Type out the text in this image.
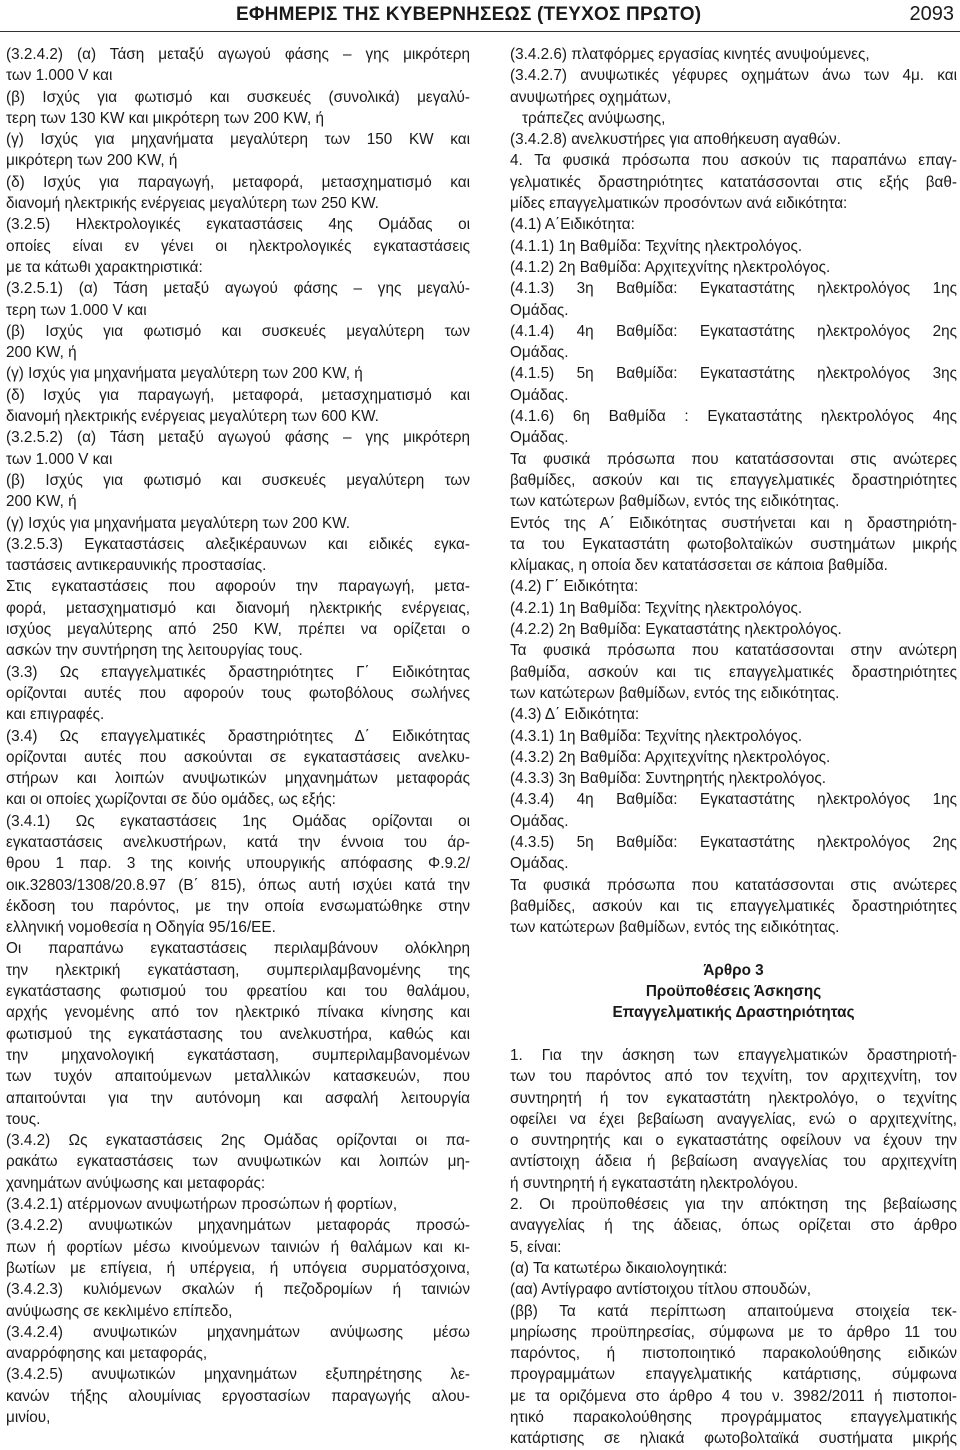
ΕΦΗΜΕΡΙΣ ΤΗΣ ΚΥΒΕΡΝΗΣΕΩΣ (ΤΕΥΧΟΣ ΠΡΩΤΟ)	2093
(3.2.4.2) (α) Τάση μεταξύ αγωγού φάσης – γης μικρότερη
των 1.000 V και
(β) Ισχύς για φωτισμό και συσκευές (συνολικά) μεγαλύ-
τερη των 130 KW και μικρότερη των 200 KW, ή
(γ) Ισχύς για μηχανήματα μεγαλύτερη των 150 KW και
μικρότερη των 200 KW, ή
(δ) Ισχύς για παραγωγή, μεταφορά, μετασχηματισμό και
διανομή ηλεκτρικής ενέργειας μεγαλύτερη των 250 KW.
(3.2.5) Ηλεκτρολογικές εγκαταστάσεις 4ης Ομάδας οι
οποίες είναι εν γένει οι ηλεκτρολογικές εγκαταστάσεις
με τα κάτωθι χαρακτηριστικά:
(3.2.5.1) (α) Τάση μεταξύ αγωγού φάσης – γης μεγαλύ-
τερη των 1.000 V και
(β) Ισχύς για φωτισμό και συσκευές μεγαλύτερη των
200 KW, ή
(γ) Ισχύς για μηχανήματα μεγαλύτερη των 200 KW, ή
(δ) Ισχύς για παραγωγή, μεταφορά, μετασχηματισμό και
διανομή ηλεκτρικής ενέργειας μεγαλύτερη των 600 KW.
(3.2.5.2) (α) Τάση μεταξύ αγωγού φάσης – γης μικρότερη
των 1.000 V και
(β) Ισχύς για φωτισμό και συσκευές μεγαλύτερη των
200 KW, ή
(γ) Ισχύς για μηχανήματα μεγαλύτερη των 200 KW.
(3.2.5.3) Εγκαταστάσεις αλεξικέραυνων και ειδικές εγκα-
ταστάσεις αντικεραυνικής προστασίας.
Στις εγκαταστάσεις που αφορούν την παραγωγή, μετα-
φορά, μετασχηματισμό και διανομή ηλεκτρικής ενέργειας,
ισχύος μεγαλύτερης από 250 KW, πρέπει να ορίζεται ο
ασκών την συντήρηση της λειτουργίας τους.
(3.3) Ως επαγγελματικές δραστηριότητες Γ΄ Ειδικότητας
ορίζονται αυτές που αφορούν τους φωτοβόλους σωλήνες
και επιγραφές.
(3.4) Ως επαγγελματικές δραστηριότητες Δ΄ Ειδικότητας
ορίζονται αυτές που ασκούνται σε εγκαταστάσεις ανελκυ-
στήρων και λοιπών ανυψωτικών μηχανημάτων μεταφοράς
και οι οποίες χωρίζονται σε δύο ομάδες, ως εξής:
(3.4.1) Ως εγκαταστάσεις 1ης Ομάδας ορίζονται οι
εγκαταστάσεις ανελκυστήρων, κατά την έννοια του άρ-
θρου 1 παρ. 3 της κοινής υπουργικής απόφασης Φ.9.2/
οικ.32803/1308/20.8.97 (Β΄ 815), όπως αυτή ισχύει κατά την
έκδοση του παρόντος, με την οποία ενσωματώθηκε στην
ελληνική νομοθεσία η Οδηγία 95/16/ΕΕ.
Οι παραπάνω εγκαταστάσεις περιλαμβάνουν ολόκληρη
την ηλεκτρική εγκατάσταση, συμπεριλαμβανομένης της
εγκατάστασης φωτισμού του φρεατίου και του θαλάμου,
αρχής γενομένης από τον ηλεκτρικό πίνακα κίνησης και
φωτισμού της εγκατάστασης του ανελκυστήρα, καθώς και
την μηχανολογική εγκατάσταση, συμπεριλαμβανομένων
των τυχόν απαιτούμενων μεταλλικών κατασκευών, που
απαιτούνται για την αυτόνομη και ασφαλή λειτουργία
τους.
(3.4.2) Ως εγκαταστάσεις 2ης Ομάδας ορίζονται οι πα-
ρακάτω εγκαταστάσεις των ανυψωτικών και λοιπών μη-
χανημάτων ανύψωσης και μεταφοράς:
(3.4.2.1) ατέρμονων ανυψωτήρων προσώπων ή φορτίων,
(3.4.2.2) ανυψωτικών μηχανημάτων μεταφοράς προσώ-
πων ή φορτίων μέσω κινούμενων ταινιών ή θαλάμων και κι-
βωτίων με επίγεια, ή υπέργεια, ή υπόγεια συρματόσχοινα,
(3.4.2.3) κυλιόμενων σκαλών ή πεζοδρομίων ή ταινιών
ανύψωσης σε κεκλιμένο επίπεδο,
(3.4.2.4) ανυψωτικών μηχανημάτων ανύψωσης μέσω
αναρρόφησης και μεταφοράς,
(3.4.2.5) ανυψωτικών μηχανημάτων εξυπηρέτησης λε-
κανών τήξης αλουμίνιας εργοστασίων παραγωγής αλου-
μινίου,
(3.4.2.6) πλατφόρμες εργασίας κινητές ανυψούμενες,
(3.4.2.7) ανυψωτικές γέφυρες οχημάτων άνω των 4μ. και
ανυψωτήρες οχημάτων,
τράπεζες ανύψωσης,
(3.4.2.8) ανελκυστήρες για αποθήκευση αγαθών.
4. Τα φυσικά πρόσωπα που ασκούν τις παραπάνω επαγ-
γελματικές δραστηριότητες κατατάσσονται στις εξής βαθ-
μίδες επαγγελματικών προσόντων ανά ειδικότητα:
(4.1) Α΄Ειδικότητα:
(4.1.1) 1η Βαθμίδα: Τεχνίτης ηλεκτρολόγος.
(4.1.2) 2η Βαθμίδα: Αρχιτεχνίτης ηλεκτρολόγος.
(4.1.3) 3η Βαθμίδα: Εγκαταστάτης ηλεκτρολόγος 1ης
Ομάδας.
(4.1.4) 4η Βαθμίδα: Εγκαταστάτης ηλεκτρολόγος 2ης
Ομάδας.
(4.1.5) 5η Βαθμίδα: Εγκαταστάτης ηλεκτρολόγος 3ης
Ομάδας.
(4.1.6) 6η Βαθμίδα : Εγκαταστάτης ηλεκτρολόγος 4ης
Ομάδας.
Τα φυσικά πρόσωπα που κατατάσσονται στις ανώτερες
βαθμίδες, ασκούν και τις επαγγελματικές δραστηριότητες
των κατώτερων βαθμίδων, εντός της ειδικότητας.
Εντός της Α΄ Ειδικότητας συστήνεται και η δραστηριότη-
τα του Εγκαταστάτη φωτοβολταϊκών συστημάτων μικρής
κλίμακας, η οποία δεν κατατάσσεται σε κάποια βαθμίδα.
(4.2) Γ΄ Ειδικότητα:
(4.2.1) 1η Βαθμίδα: Τεχνίτης ηλεκτρολόγος.
(4.2.2) 2η Βαθμίδα: Εγκαταστάτης ηλεκτρολόγος.
Τα φυσικά πρόσωπα που κατατάσσονται στην ανώτερη
βαθμίδα, ασκούν και τις επαγγελματικές δραστηριότητες
των κατώτερων βαθμίδων, εντός της ειδικότητας.
(4.3) Δ΄ Ειδικότητα:
(4.3.1) 1η Βαθμίδα: Τεχνίτης ηλεκτρολόγος.
(4.3.2) 2η Βαθμίδα: Αρχιτεχνίτης ηλεκτρολόγος.
(4.3.3) 3η Βαθμίδα: Συντηρητής ηλεκτρολόγος.
(4.3.4) 4η Βαθμίδα: Εγκαταστάτης ηλεκτρολόγος 1ης
Ομάδας.
(4.3.5) 5η Βαθμίδα: Εγκαταστάτης ηλεκτρολόγος 2ης
Ομάδας.
Τα φυσικά πρόσωπα που κατατάσσονται στις ανώτερες
βαθμίδες, ασκούν και τις επαγγελματικές δραστηριότητες
των κατώτερων βαθμίδων, εντός της ειδικότητας.
Άρθρο 3
Προϋποθέσεις Άσκησης
Επαγγελματικής Δραστηριότητας
1. Για την άσκηση των επαγγελματικών δραστηριοτή-
των του παρόντος από τον τεχνίτη, τον αρχιτεχνίτη, τον
συντηρητή ή τον εγκαταστάτη ηλεκτρολόγο, ο τεχνίτης
οφείλει να έχει βεβαίωση αναγγελίας, ενώ ο αρχιτεχνίτης,
ο συντηρητής και ο εγκαταστάτης οφείλουν να έχουν την
αντίστοιχη άδεια ή βεβαίωση αναγγελίας του αρχιτεχνίτη
ή συντηρητή ή εγκαταστάτη ηλεκτρολόγου.
2. Οι προϋποθέσεις για την απόκτηση της βεβαίωσης
αναγγελίας ή της άδειας, όπως ορίζεται στο άρθρο
5, είναι:
(α) Τα κατωτέρω δικαιολογητικά:
(αα) Αντίγραφο αντίστοιχου τίτλου σπουδών,
(ββ) Τα κατά περίπτωση απαιτούμενα στοιχεία τεκ-
μηρίωσης προϋπηρεσίας, σύμφωνα με το άρθρο 11 του
παρόντος, ή πιστοποιητικό παρακολούθησης ειδικών
προγραμμάτων επαγγελματικής κατάρτισης, σύμφωνα
με τα οριζόμενα στο άρθρο 4 του ν. 3982/2011 ή πιστοποι-
ητικό παρακολούθησης προγράμματος επαγγελματικής
κατάρτισης σε ηλιακά φωτοβολταϊκά συστήματα μικρής
